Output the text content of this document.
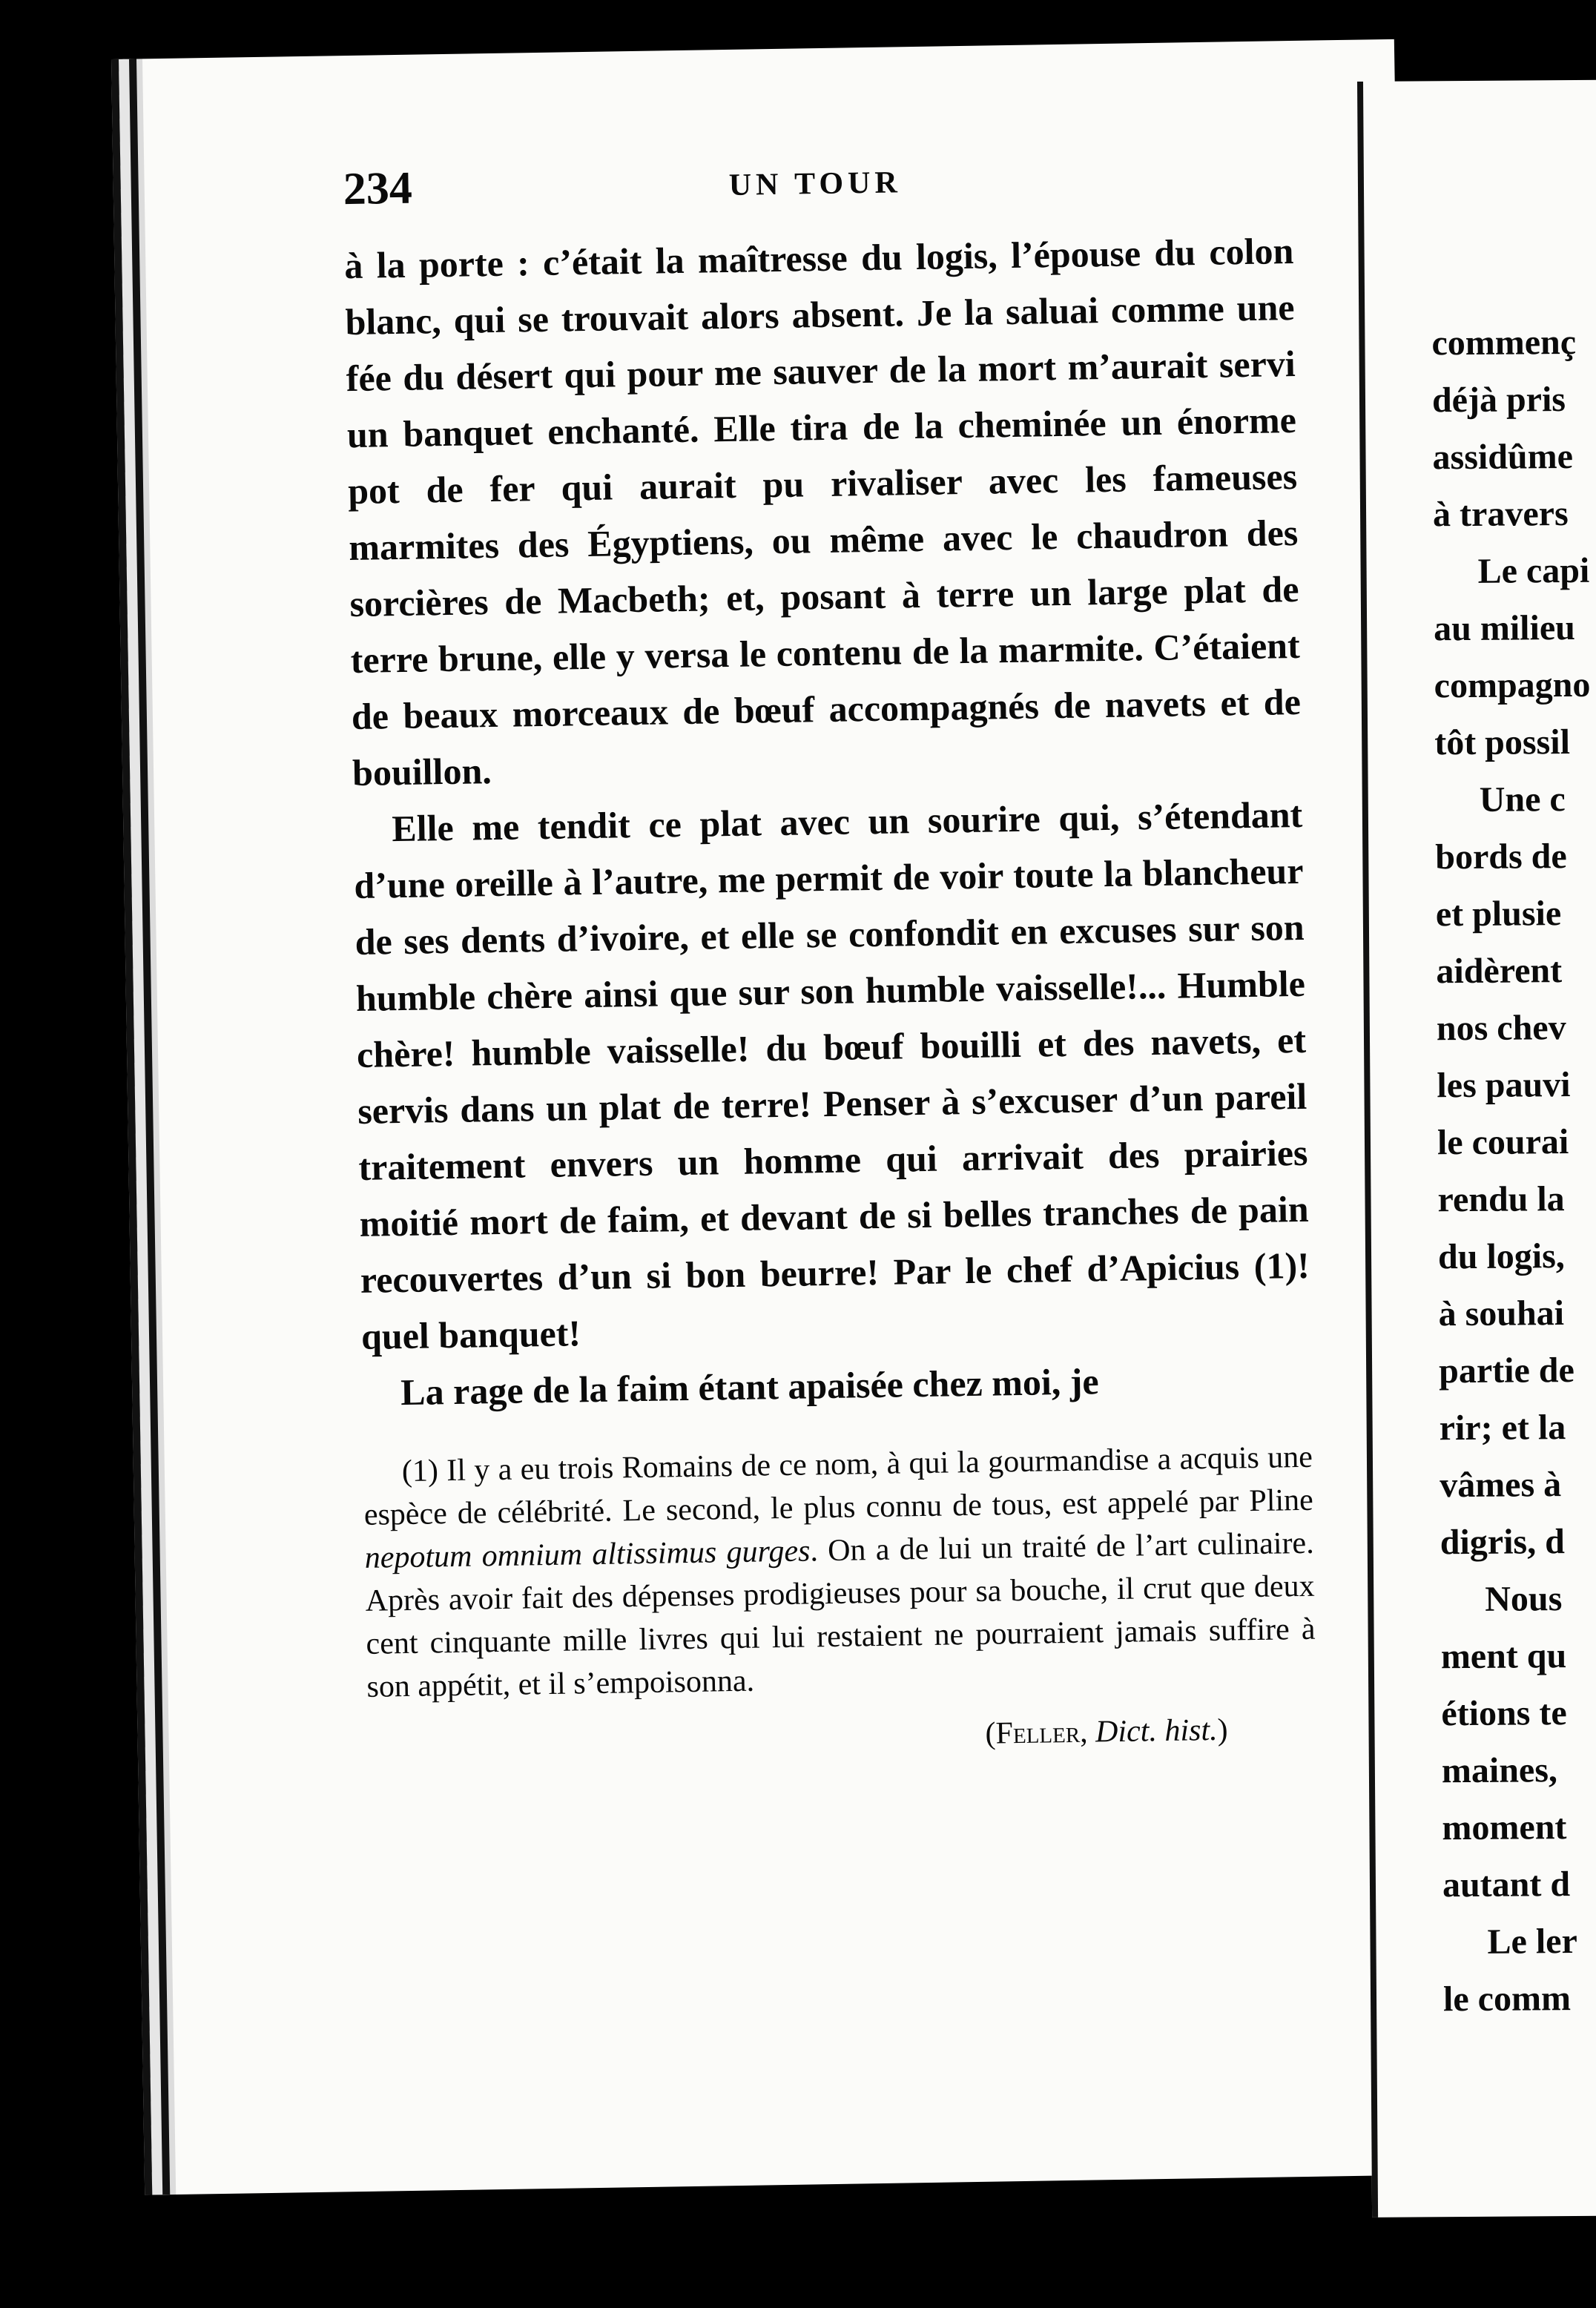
234	UN TOUR

à la porte : c’était la maîtresse du logis, l’épouse du colon blanc, qui se trouvait alors absent. Je la saluai comme une fée du désert qui pour me sauver de la mort m’aurait servi un banquet enchanté. Elle tira de la cheminée un énorme pot de fer qui aurait pu rivaliser avec les fameuses marmites des Égyptiens, ou même avec le chaudron des sorcières de Macbeth; et, posant à terre un large plat de terre brune, elle y versa le contenu de la marmite. C’étaient de beaux morceaux de bœuf accompagnés de navets et de bouillon.

Elle me tendit ce plat avec un sourire qui, s’étendant d’une oreille à l’autre, me permit de voir toute la blancheur de ses dents d’ivoire, et elle se confondit en excuses sur son humble chère ainsi que sur son humble vaisselle!... Humble chère! humble vaisselle! du bœuf bouilli et des navets, et servis dans un plat de terre! Penser à s’excuser d’un pareil traitement envers un homme qui arrivait des prairies moitié mort de faim, et devant de si belles tranches de pain recouvertes d’un si bon beurre! Par le chef d’Apicius (1)! quel banquet!

La rage de la faim étant apaisée chez moi, je

(1) Il y a eu trois Romains de ce nom, à qui la gourmandise a acquis une espèce de célébrité. Le second, le plus connu de tous, est appelé par Pline nepotum omnium altissimus gurges. On a de lui un traité de l’art culinaire. Après avoir fait des dépenses prodigieuses pour sa bouche, il crut que deux cent cinquante mille livres qui lui restaient ne pourraient jamais suffire à son appétit, et il s’empoisonna.

(Feller, Dict. hist.)
commenç
déjà pris
assidûme
à travers
Le capi
au milieu
compagno
tôt possil
Une c
bords de
et plusie
aidèrent
nos chev
les pauvi
le courai
rendu la
du logis,
à souhai
partie de
rir; et la
vâmes à
digris, d
Nous
ment qu
étions te
maines,
moment
autant d
Le ler
le comm
